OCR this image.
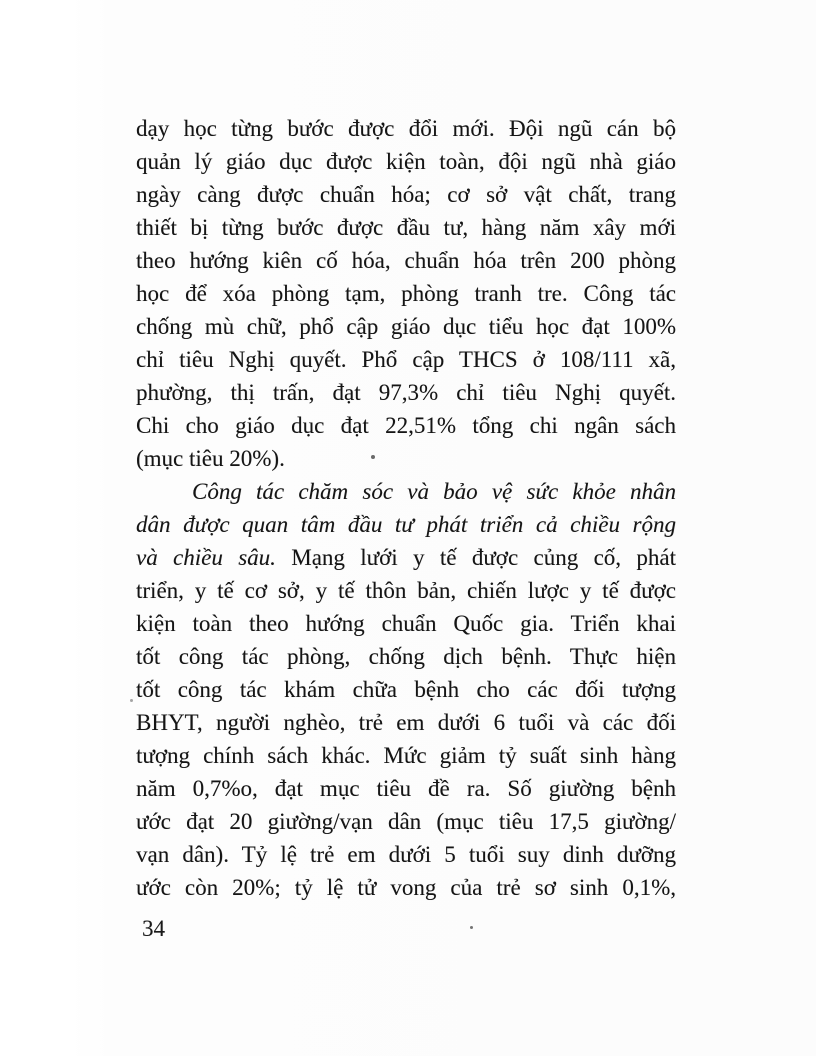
dạy học từng bước được đổi mới. Đội ngũ cán bộ
quản lý giáo dục được kiện toàn, đội ngũ nhà giáo
ngày càng được chuẩn hóa; cơ sở vật chất, trang
thiết bị từng bước được đầu tư, hàng năm xây mới
theo hướng kiên cố hóa, chuẩn hóa trên 200 phòng
học để xóa phòng tạm, phòng tranh tre. Công tác
chống mù chữ, phổ cập giáo dục tiểu học đạt 100%
chỉ tiêu Nghị quyết. Phổ cập THCS ở 108/111 xã,
phường, thị trấn, đạt 97,3% chỉ tiêu Nghị quyết.
Chi cho giáo dục đạt 22,51% tổng chi ngân sách
(mục tiêu 20%).
Công tác chăm sóc và bảo vệ sức khỏe nhân
dân được quan tâm đầu tư phát triển cả chiều rộng
và chiều sâu. Mạng lưới y tế được củng cố, phát
triển, y tế cơ sở, y tế thôn bản, chiến lược y tế được
kiện toàn theo hướng chuẩn Quốc gia. Triển khai
tốt công tác phòng, chống dịch bệnh. Thực hiện
tốt công tác khám chữa bệnh cho các đối tượng
BHYT, người nghèo, trẻ em dưới 6 tuổi và các đối
tượng chính sách khác. Mức giảm tỷ suất sinh hàng
năm 0,7%o, đạt mục tiêu đề ra. Số giường bệnh
ước đạt 20 giường/vạn dân (mục tiêu 17,5 giường/
vạn dân). Tỷ lệ trẻ em dưới 5 tuổi suy dinh dưỡng
ước còn 20%; tỷ lệ tử vong của trẻ sơ sinh 0,1%,
34
